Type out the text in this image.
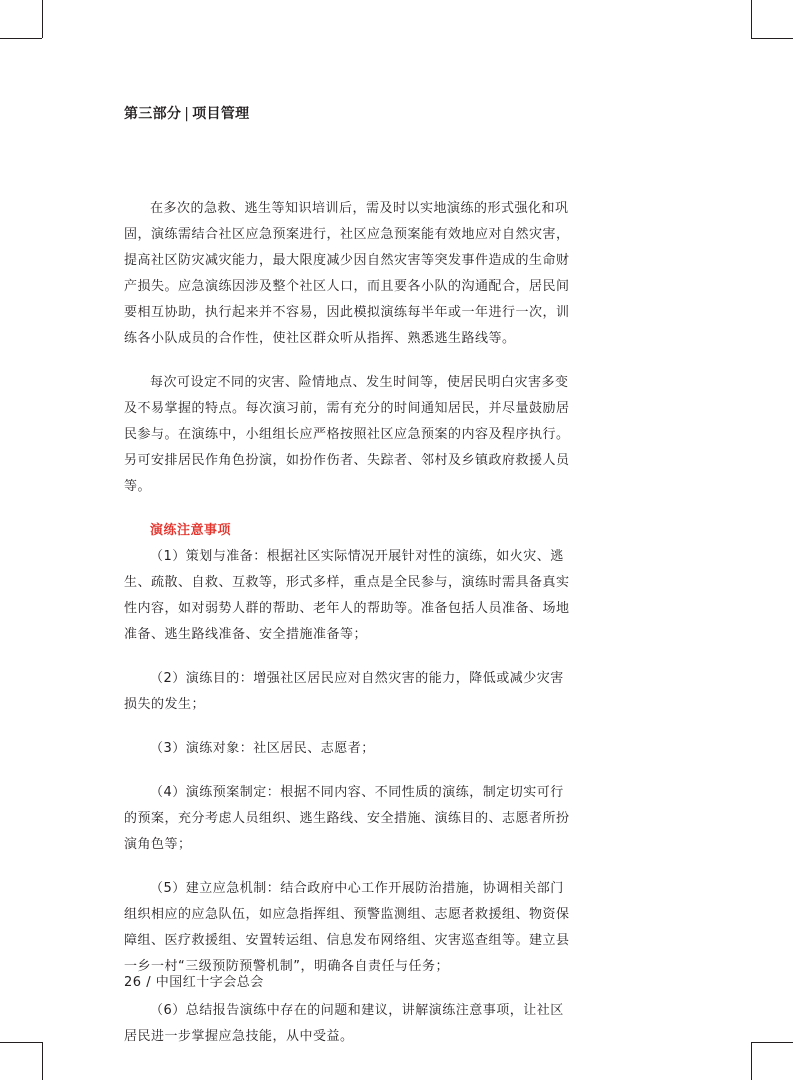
第三部分 | 项目管理

在多次的急救、逃生等知识培训后，需及时以实地演练的形式强化和巩固，演练需结合社区应急预案进行，社区应急预案能有效地应对自然灾害，提高社区防灾减灾能力，最大限度减少因自然灾害等突发事件造成的生命财产损失。应急演练因涉及整个社区人口，而且要各小队的沟通配合，居民间要相互协助，执行起来并不容易，因此模拟演练每半年或一年进行一次，训练各小队成员的合作性，使社区群众听从指挥、熟悉逃生路线等。

每次可设定不同的灾害、险情地点、发生时间等，使居民明白灾害多变及不易掌握的特点。每次演习前，需有充分的时间通知居民，并尽量鼓励居民参与。在演练中，小组组长应严格按照社区应急预案的内容及程序执行。另可安排居民作角色扮演，如扮作伤者、失踪者、邻村及乡镇政府救援人员等。

演练注意事项

（1）策划与准备：根据社区实际情况开展针对性的演练，如火灾、逃生、疏散、自救、互救等，形式多样，重点是全民参与，演练时需具备真实性内容，如对弱势人群的帮助、老年人的帮助等。准备包括人员准备、场地准备、逃生路线准备、安全措施准备等；

（2）演练目的：增强社区居民应对自然灾害的能力，降低或减少灾害损失的发生；

（3）演练对象：社区居民、志愿者；

（4）演练预案制定：根据不同内容、不同性质的演练，制定切实可行的预案，充分考虑人员组织、逃生路线、安全措施、演练目的、志愿者所扮演角色等；

（5）建立应急机制：结合政府中心工作开展防治措施，协调相关部门组织相应的应急队伍，如应急指挥组、预警监测组、志愿者救援组、物资保障组、医疗救援组、安置转运组、信息发布网络组、灾害巡查组等。建立县一乡一村“三级预防预警机制”，明确各自责任与任务；

（6）总结报告演练中存在的问题和建议，讲解演练注意事项，让社区居民进一步掌握应急技能，从中受益。

26 / 中国红十字会总会
